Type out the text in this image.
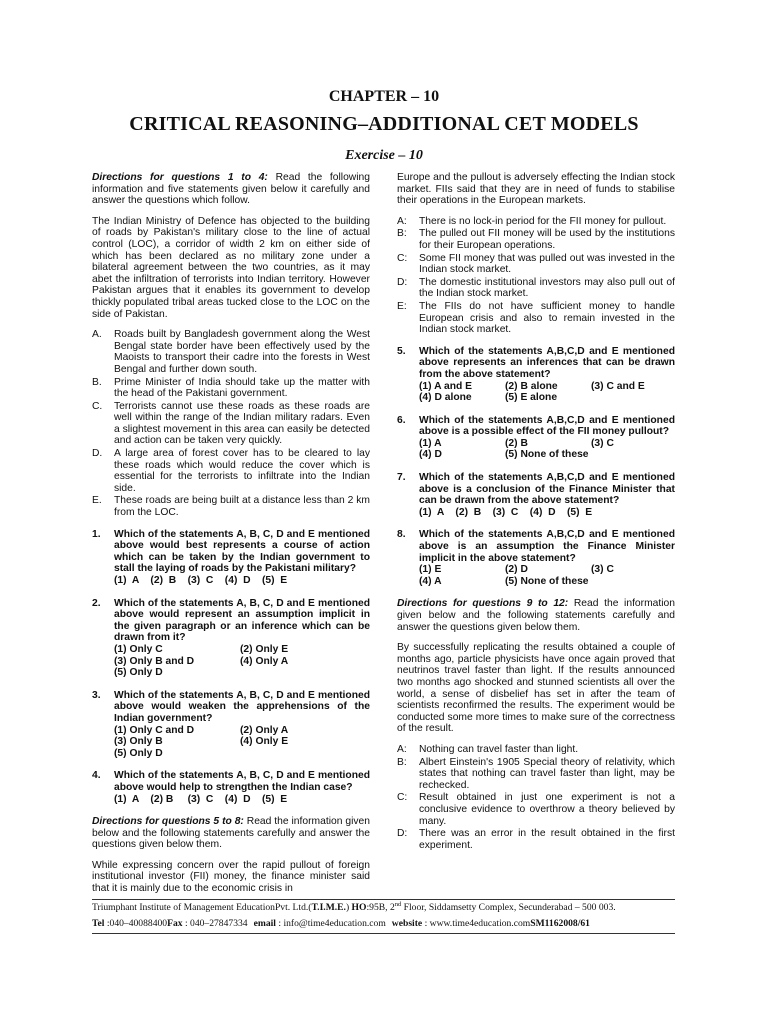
CHAPTER – 10
CRITICAL REASONING–ADDITIONAL CET MODELS
Exercise – 10

Directions for questions 1 to 4: Read the following information and five statements given below it carefully and answer the questions which follow.

The Indian Ministry of Defence has objected to the building of roads by Pakistan's military close to the line of actual control (LOC), a corridor of width 2 km on either side of which has been declared as no military zone under a bilateral agreement between the two countries, as it may abet the infiltration of terrorists into Indian territory. However Pakistan argues that it enables its government to develop thickly populated tribal areas tucked close to the LOC on the side of Pakistan.

A.	Roads built by Bangladesh government along the West Bengal state border have been effectively used by the Maoists to transport their cadre into the forests in West Bengal and further down south.
B.	Prime Minister of India should take up the matter with the head of the Pakistani government.
C.	Terrorists cannot use these roads as these roads are well within the range of the Indian military radars. Even a slightest movement in this area can easily be detected and action can be taken very quickly.
D.	A large area of forest cover has to be cleared to lay these roads which would reduce the cover which is essential for the terrorists to infiltrate into the Indian side.
E.	These roads are being built at a distance less than 2 km from the LOC.
1.	Which of the statements A, B, C, D and E mentioned above would best represents a course of action which can be taken by the Indian government to stall the laying of roads by the Pakistani military?
(1)  A    (2)  B    (3)  C    (4)  D    (5)  E
2.	Which of the statements A, B, C, D and E mentioned above would represent an assumption implicit in the given paragraph or an inference which can be drawn from it?
(1) Only C	(2) Only E
(3) Only B and D	(4) Only A
(5) Only D
3.	Which of the statements A, B, C, D and E mentioned above would weaken the apprehensions of the Indian government?
(1) Only C and D	(2) Only A
(3) Only B	(4) Only E
(5) Only D
4.	Which of the statements A, B, C, D and E mentioned above would help to strengthen the Indian case?
(1)  A    (2) B     (3)  C    (4)  D    (5)  E

Directions for questions 5 to 8: Read the information given below and the following statements carefully and answer the questions given below them.

While expressing concern over the rapid pullout of foreign institutional investor (FII) money, the finance minister said that it is mainly due to the economic crisis in

Europe and the pullout is adversely effecting the Indian stock market. FIIs said that they are in need of funds to stabilise their operations in the European markets.

A:	There is no lock-in period for the FII money for pullout.
B:	The pulled out FII money will be used by the institutions for their European operations.
C:	Some FII money that was pulled out was invested in the Indian stock market.
D:	The domestic institutional investors may also pull out of the Indian stock market.
E:	The FIIs do not have sufficient money to handle European crisis and also to remain invested in the Indian stock market.
5.	Which of the statements A,B,C,D and E mentioned above represents an inferences that can be drawn from the above statement?
(1) A and E	(2) B alone	(3) C and E
(4) D alone	(5) E alone
6.	Which of the statements A,B,C,D and E mentioned above is a possible effect of the FII money pullout?
(1) A	(2) B	(3) C
(4) D	(5) None of these
7.	Which of the statements A,B,C,D and E mentioned above is a conclusion of the Finance Minister that can be drawn from the above statement?
(1)  A    (2)  B    (3)  C    (4)  D    (5)  E
8.	Which of the statements A,B,C,D and E mentioned above is an assumption the Finance Minister implicit in the above statement?
(1) E	(2) D	(3) C
(4) A	(5) None of these

Directions for questions 9 to 12: Read the information given below and the following statements carefully and answer the questions given below them.

By successfully replicating the results obtained a couple of months ago, particle physicists have once again proved that neutrinos travel faster than light. If the results announced two months ago shocked and stunned scientists all over the world, a sense of disbelief has set in after the team of scientists reconfirmed the results. The experiment would be conducted some more times to make sure of the correctness of the result.

A:	Nothing can travel faster than light.
B:	Albert Einstein's 1905 Special theory of relativity, which states that nothing can travel faster than light, may be rechecked.
C:	Result obtained in just one experiment is not a conclusive evidence to overthrow a theory believed by many.
D:	There was an error in the result obtained in the first experiment.
Triumphant Institute of Management EducationPvt. Ltd.(T.I.M.E.) HO:95B, 2nd Floor, Siddamsetty Complex, Secunderabad – 500 003.
Tel :040–40088400Fax : 040–27847334 email : info@time4education.com website : www.time4education.comSM1162008/61
